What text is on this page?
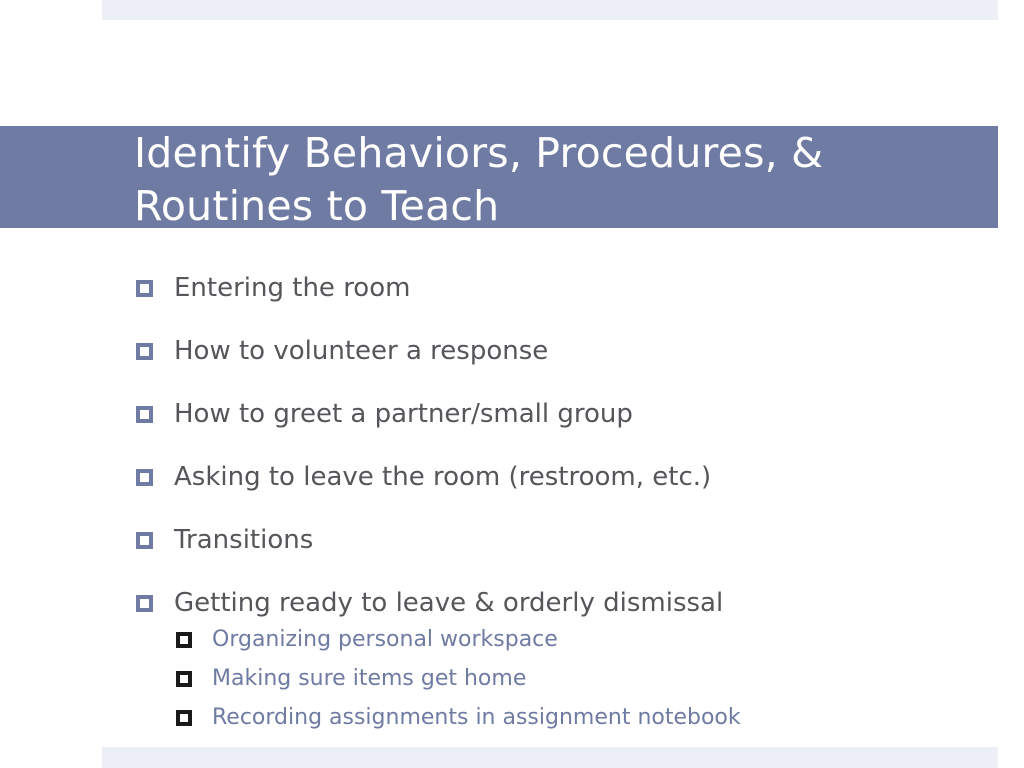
Identify Behaviors, Procedures, &
Routines to Teach
Entering the room
How to volunteer a response
How to greet a partner/small group
Asking to leave the room (restroom, etc.)
Transitions
Getting ready to leave & orderly dismissal
Organizing personal workspace
Making sure items get home
Recording assignments in assignment notebook
